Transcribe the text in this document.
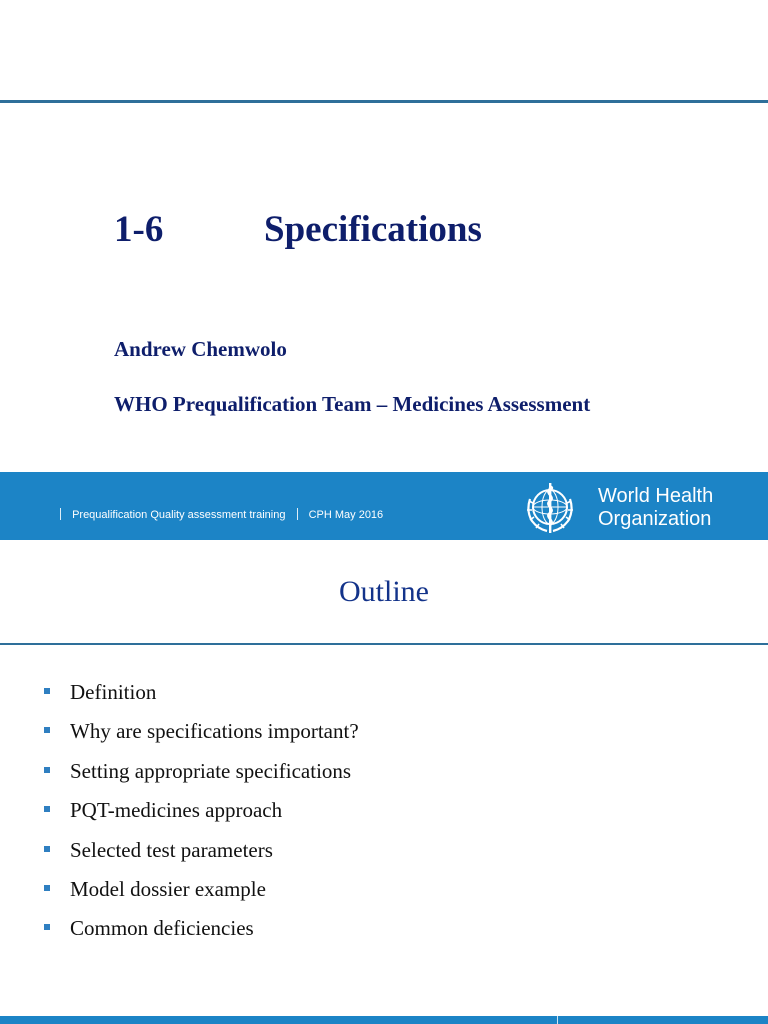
1-6	Specifications
Andrew Chemwolo
WHO Prequalification Team – Medicines Assessment
Prequalification Quality assessment training CPH May 2016
World Health
Organization
Outline
Definition
Why are specifications important?
Setting appropriate specifications
PQT-medicines approach
Selected test parameters
Model dossier example
Common deficiencies
